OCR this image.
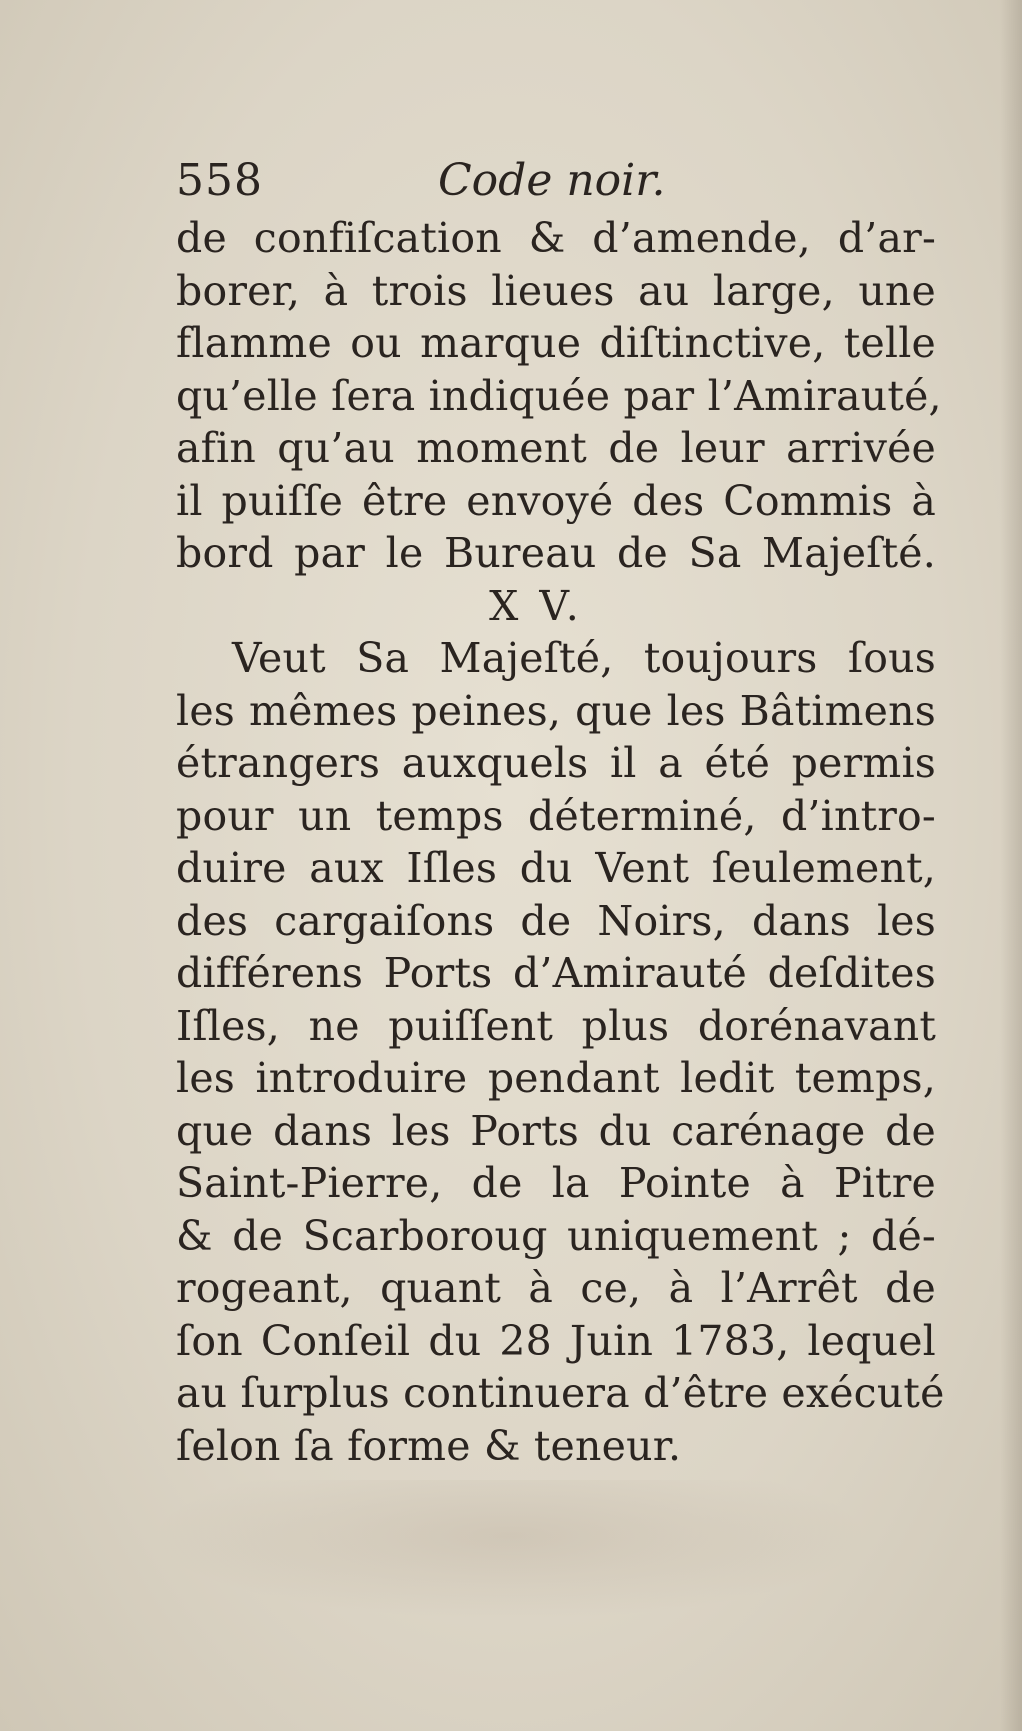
558	Code noir.
de confiſcation & d’amende, d’ar-
borer, à trois lieues au large, une
flamme ou marque diſtinctive, telle
qu’elle ſera indiquée par l’Amirauté,
afin qu’au moment de leur arrivée
il puiſſe être envoyé des Commis à
bord par le Bureau de Sa Majeſté.
X V.
Veut Sa Majeſté, toujours ſous
les mêmes peines, que les Bâtimens
étrangers auxquels il a été permis
pour un temps déterminé, d’intro-
duire aux Iſles du Vent ſeulement,
des cargaiſons de Noirs, dans les
différens Ports d’Amirauté deſdites
Iſles, ne puiſſent plus dorénavant
les introduire pendant ledit temps,
que dans les Ports du carénage de
Saint-Pierre, de la Pointe à Pitre
& de Scarboroug uniquement ; dé-
rogeant, quant à ce, à l’Arrêt de
ſon Conſeil du 28 Juin 1783, lequel
au ſurplus continuera d’être exécuté
ſelon ſa forme & teneur.
